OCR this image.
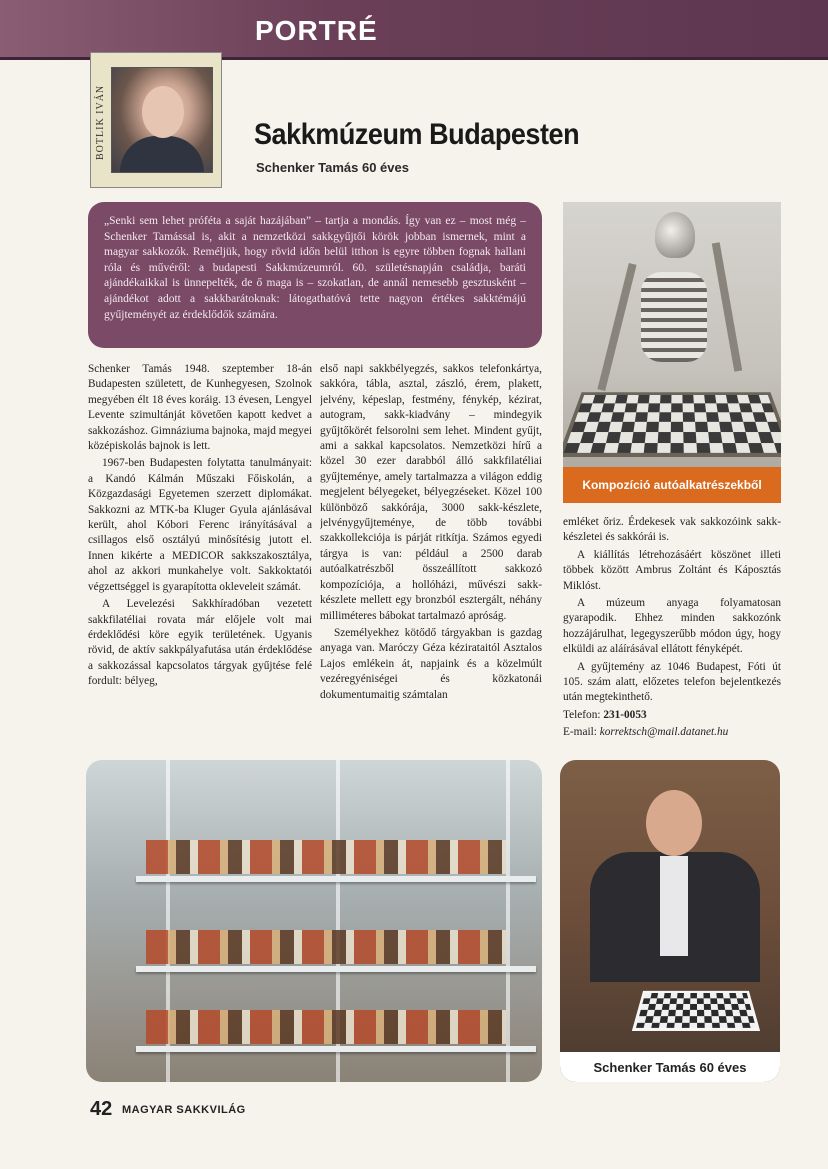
PORTRÉ
BOTLIK IVÁN	Sakkmúzeum Budapesten

Schenker Tamás 60 éves

„Senki sem lehet próféta a saját hazájában” – tartja a mondás. Így van ez – most még – Schenker Tamással is, akit a nemzetközi sakkgyűjtői körök jobban ismernek, mint a magyar sakkozók. Reméljük, hogy rövid időn belül itthon is egyre többen fognak hallani róla és művéről: a budapesti Sakkmúzeumról. 60. születésnapján családja, baráti ajándékaikkal is ünnepelték, de ő maga is – szokatlan, de annál nemesebb gesztusként – ajándékot adott a sakkbarátoknak: látogathatóvá tette nagyon értékes sakktémájú gyűjteményét az érdeklődők számára.

Kompozíció autóalkatrészekből

Schenker Tamás 1948. szeptember 18-án Budapesten született, de Kunhegyesen, Szolnok megyében élt 18 éves koráig. 13 évesen, Lengyel Levente szimultánját követően kapott kedvet a sakkozáshoz. Gimnáziuma bajnoka, majd megyei középiskolás bajnok is lett.

1967-ben Budapesten folytatta tanulmányait: a Kandó Kálmán Műszaki Főiskolán, a Közgazdasági Egyetemen szerzett diplomákat. Sakkozni az MTK-ba Kluger Gyula ajánlásával került, ahol Kóbori Ferenc irányításával a csillagos első osztályú minősítésig jutott el. Innen kikérte a MEDICOR sakkszakosztálya, ahol az akkori munkahelye volt. Sakkoktatói végzettséggel is gyarapította okleveleit számát.

A Levelezési Sakkhíradóban vezetett sakkfilatéliai rovata már előjele volt mai érdeklődési köre egyik területének. Ugyanis rövid, de aktív sakkpályafutása után érdeklődése a sakkozással kapcsolatos tárgyak gyűjtése felé fordult: bélyeg,

első napi sakkbélyegzés, sakkos telefonkártya, sakkóra, tábla, asztal, zászló, érem, plakett, jelvény, képeslap, festmény, fénykép, kézirat, autogram, sakk-kiadvány – mindegyik gyűjtőkörét felsorolni sem lehet. Mindent gyűjt, ami a sakkal kapcsolatos. Nemzetközi hírű a közel 30 ezer darabból álló sakkfilatéliai gyűjteménye, amely tartalmazza a világon eddig megjelent bélyegeket, bélyegzéseket. Közel 100 különböző sakkórája, 3000 sakk-készlete, jelvénygyűjteménye, de több további szakkollekciója is párját ritkítja. Számos egyedi tárgya is van: például a 2500 darab autóalkatrészből összeállított sakkozó kompozíciója, a hollóházi, művészi sakk-készlete mellett egy bronzból esztergált, néhány milliméteres bábokat tartalmazó apróság.

Személyekhez kötődő tárgyakban is gazdag anyaga van. Maróczy Géza kézirataitól Asztalos Lajos emlékein át, napjaink és a közelmúlt vezéregyéniségei és közkatonái dokumentumaitig számtalan

emléket őriz. Érdekesek vak sakkozóink sakk-készletei és sakkórái is.

A kiállítás létrehozásáért köszönet illeti többek között Ambrus Zoltánt és Káposztás Miklóst.

A múzeum anyaga folyamatosan gyarapodik. Ehhez minden sakkozónk hozzájárulhat, legegyszerűbb módon úgy, hogy elküldi az aláírásával ellátott fényképét.

A gyűjtemény az 1046 Budapest, Fóti út 105. szám alatt, előzetes telefon bejelentkezés után megtekinthető.

Telefon: 231-0053

E-mail: korrektsch@mail.datanet.hu

Schenker Tamás 60 éves
42 MAGYAR SAKKVILÁG
